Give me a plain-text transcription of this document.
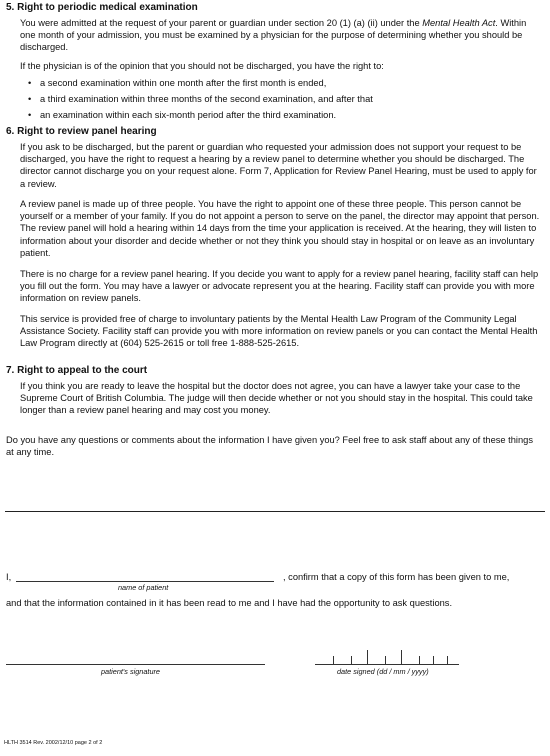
5. Right to periodic medical examination
You were admitted at the request of your parent or guardian under section 20 (1) (a) (ii) under the Mental Health Act. Within one month of your admission, you must be examined by a physician for the purpose of determining whether you should be discharged.
If the physician is of the opinion that you should not be discharged, you have the right to:
• a second examination within one month after the first month is ended,
• a third examination within three months of the second examination, and after that
• an examination within each six-month period after the third examination.
6. Right to review panel hearing
If you ask to be discharged, but the parent or guardian who requested your admission does not support your request to be discharged, you have the right to request a hearing by a review panel to determine whether you should be discharged. The director cannot discharge you on your request alone. Form 7, Application for Review Panel Hearing, must be used to apply for a review.
A review panel is made up of three people. You have the right to appoint one of these three people. This person cannot be yourself or a member of your family. If you do not appoint a person to serve on the panel, the director may appoint that person. The review panel will hold a hearing within 14 days from the time your application is received. At the hearing, they will listen to information about your disorder and decide whether or not they think you should stay in hospital or on leave as an involuntary patient.
There is no charge for a review panel hearing. If you decide you want to apply for a review panel hearing, facility staff can help you fill out the form. You may have a lawyer or advocate represent you at the hearing. Facility staff can provide you with more information on review panels.
This service is provided free of charge to involuntary patients by the Mental Health Law Program of the Community Legal Assistance Society. Facility staff can provide you with more information on review panels or you can contact the Mental Health Law Program directly at (604) 525-2615 or toll free 1-888-525-2615.
7. Right to appeal to the court
If you think you are ready to leave the hospital but the doctor does not agree, you can have a lawyer take your case to the Supreme Court of British Columbia. The judge will then decide whether or not you should stay in the hospital. This could take longer than a review panel hearing and may cost you money.
Do you have any questions or comments about the information I have given you? Feel free to ask staff about any of these things at any time.
I,	, confirm that a copy of this form has been given to me,
name of patient
and that the information contained in it has been read to me and I have had the opportunity to ask questions.
patient's signature	date signed (dd / mm / yyyy)
HLTH 3514 Rev. 2002/12/10 page 2 of 2
